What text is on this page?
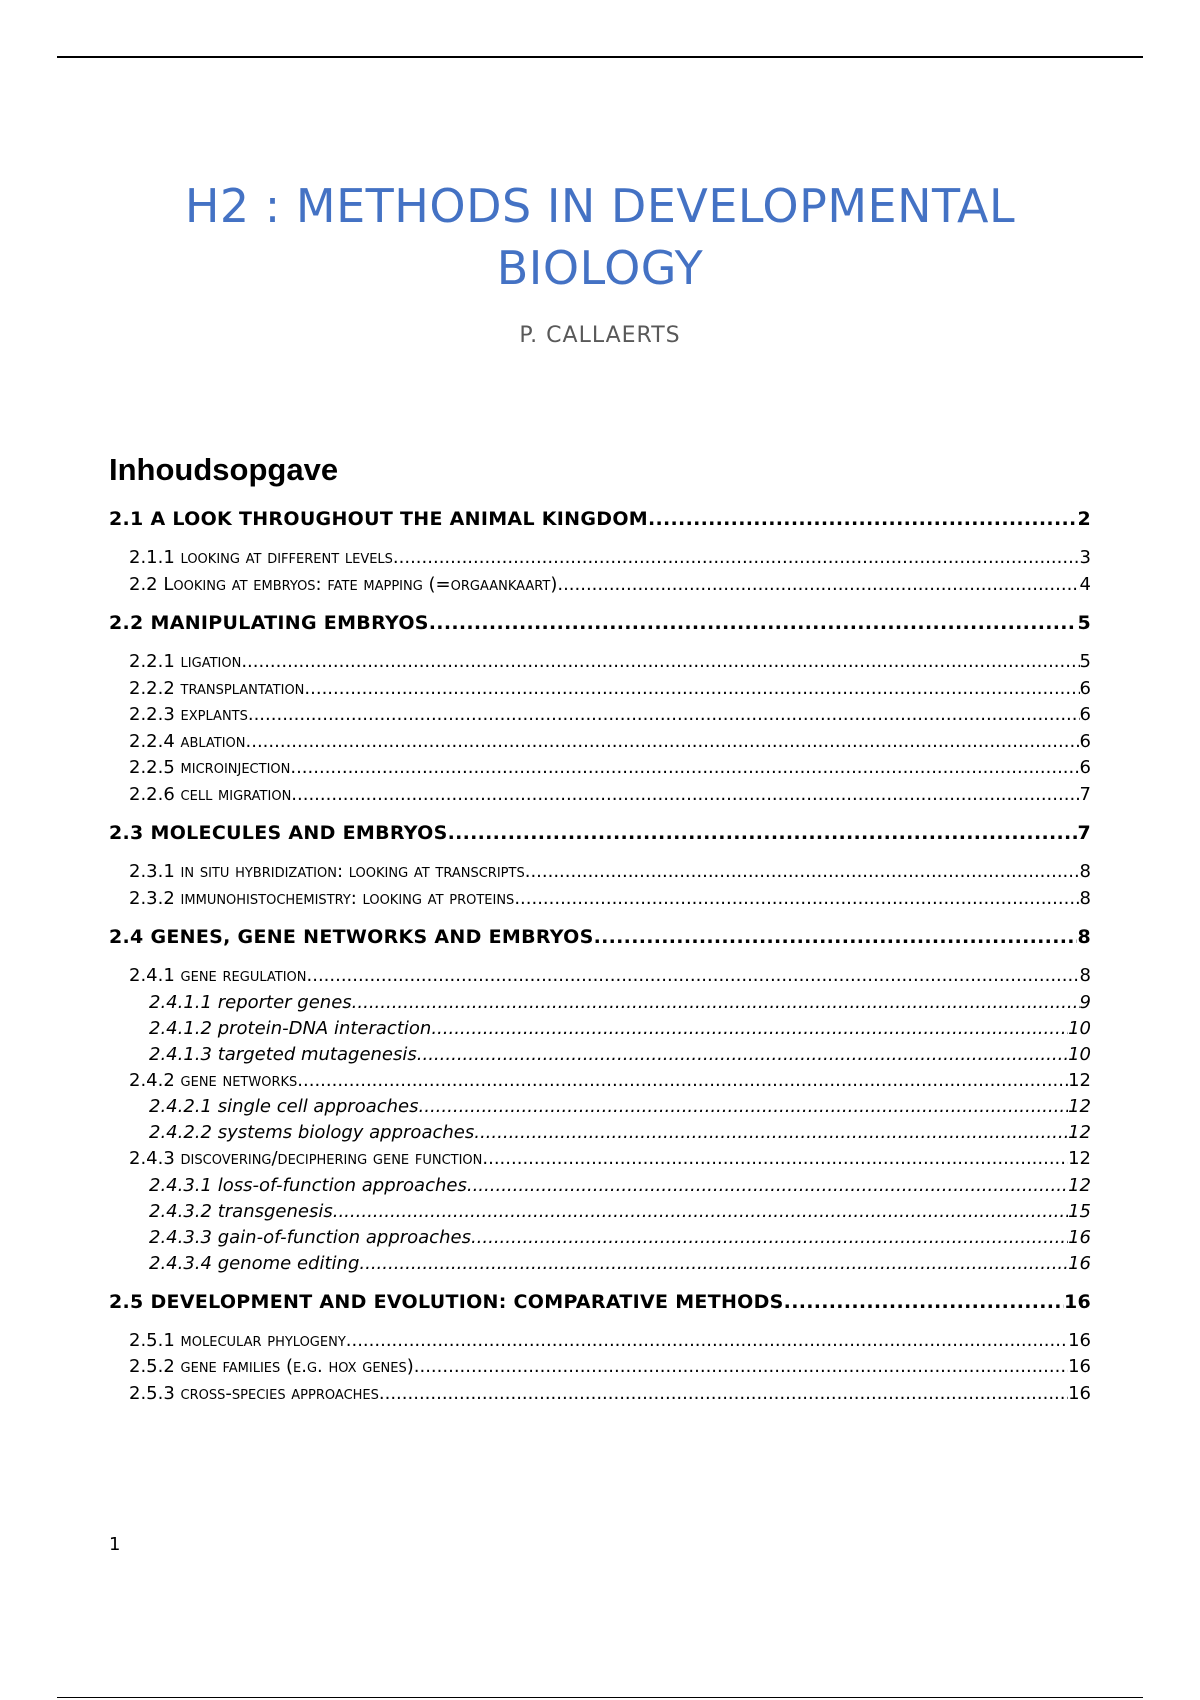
H2 : METHODS IN DEVELOPMENTAL BIOLOGY
P. CALLAERTS
Inhoudsopgave
2.1 A LOOK THROUGHOUT THE ANIMAL KINGDOM .....	2
2.1.1 looking at different levels .....	3
2.2 Looking at embryos: fate mapping (=orgaankaart) .....	4
2.2 MANIPULATING EMBRYOS .....	5
2.2.1 ligation .....	5
2.2.2 transplantation .....	6
2.2.3 explants .....	6
2.2.4 ablation .....	6
2.2.5 microinjection .....	6
2.2.6 cell migration .....	7
2.3 MOLECULES AND EMBRYOS .....	7
2.3.1 in situ hybridization: looking at transcripts .....	8
2.3.2 immunohistochemistry: looking at proteins .....	8
2.4 GENES, GENE NETWORKS AND EMBRYOS .....	8
2.4.1 gene regulation .....	8
2.4.1.1 reporter genes .....	9
2.4.1.2 protein-DNA interaction .....	10
2.4.1.3 targeted mutagenesis .....	10
2.4.2 gene networks .....	12
2.4.2.1 single cell approaches .....	12
2.4.2.2 systems biology approaches .....	12
2.4.3 discovering/deciphering gene function .....	12
2.4.3.1 loss-of-function approaches .....	12
2.4.3.2 transgenesis .....	15
2.4.3.3 gain-of-function approaches .....	16
2.4.3.4 genome editing .....	16
2.5 DEVELOPMENT AND EVOLUTION: COMPARATIVE METHODS .....	16
2.5.1 molecular phylogeny .....	16
2.5.2 gene families (e.g. hox genes) .....	16
2.5.3 cross-species approaches .....	16
1
